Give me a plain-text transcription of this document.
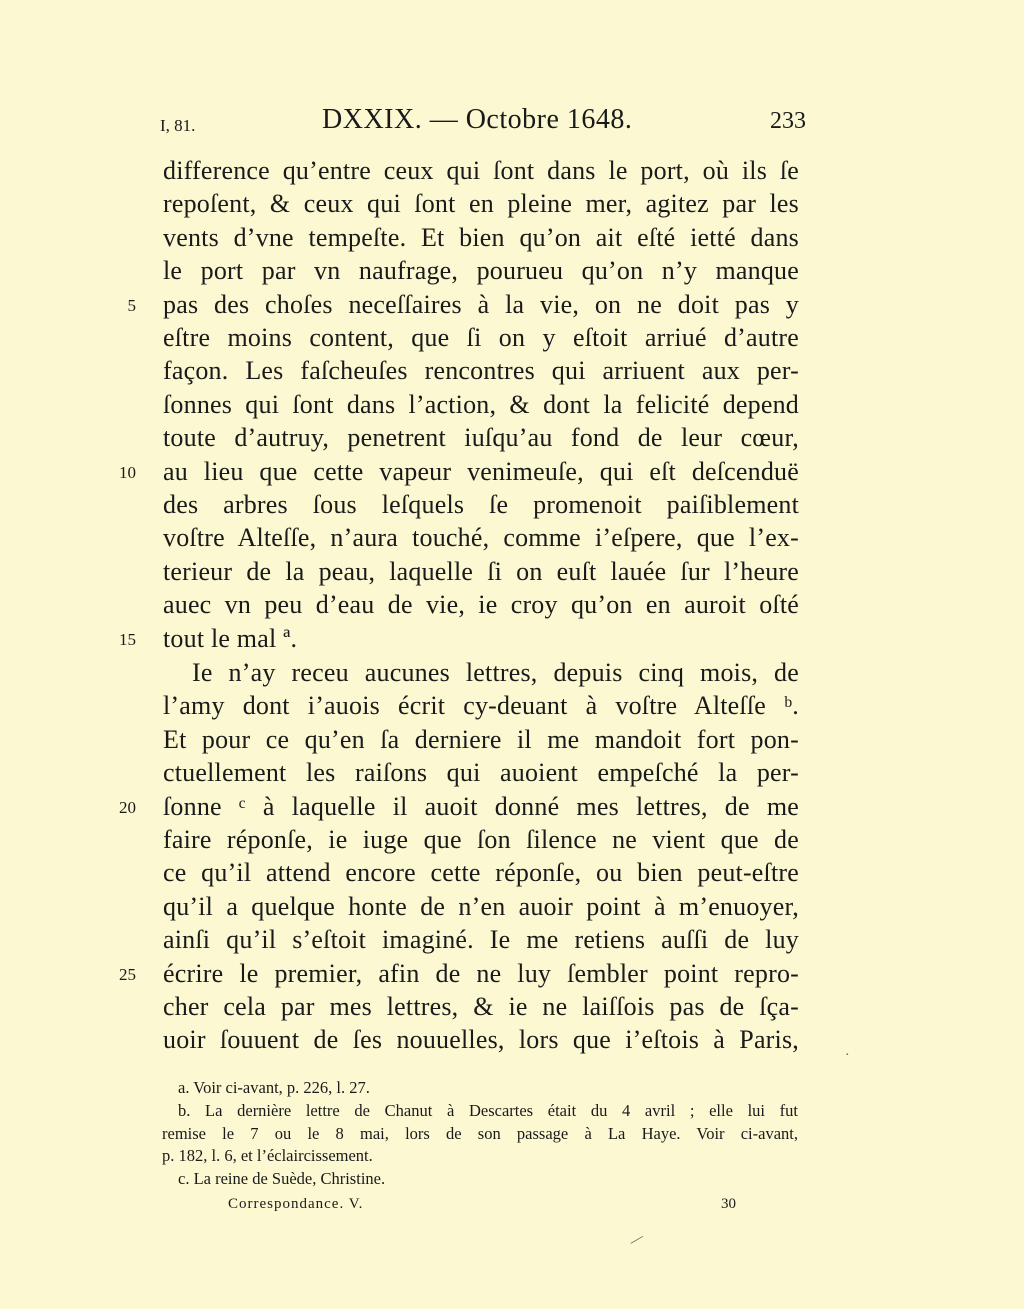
I, 81.	DXXIX. — Octobre 1648.	233
difference qu’entre ceux qui ſont dans le port, où ils ſe
repoſent, & ceux qui ſont en pleine mer, agitez par les
vents d’vne tempeſte. Et bien qu’on ait eſté ietté dans
le port par vn naufrage, pourueu qu’on n’y manque
pas des choſes neceſſaires à la vie, on ne doit pas y
eſtre moins content, que ſi on y eſtoit arriué d’autre
façon. Les faſcheuſes rencontres qui arriuent aux per-
ſonnes qui ſont dans l’action, & dont la felicité depend
toute d’autruy, penetrent iuſqu’au fond de leur cœur,
au lieu que cette vapeur venimeuſe, qui eſt deſcenduë
des arbres ſous leſquels ſe promenoit paiſiblement
voſtre Alteſſe, n’aura touché, comme i’eſpere, que l’ex-
terieur de la peau, laquelle ſi on euſt lauée ſur l’heure
auec vn peu d’eau de vie, ie croy qu’on en auroit oſté
tout le mal ª.
Ie n’ay receu aucunes lettres, depuis cinq mois, de
l’amy dont i’auois écrit cy-deuant à voſtre Alteſſe ᵇ.
Et pour ce qu’en ſa derniere il me mandoit fort pon-
ctuellement les raiſons qui auoient empeſché la per-
ſonne ᶜ à laquelle il auoit donné mes lettres, de me
faire réponſe, ie iuge que ſon ſilence ne vient que de
ce qu’il attend encore cette réponſe, ou bien peut-eſtre
qu’il a quelque honte de n’en auoir point à m’enuoyer,
ainſi qu’il s’eſtoit imaginé. Ie me retiens auſſi de luy
écrire le premier, afin de ne luy ſembler point repro-
cher cela par mes lettres, & ie ne laiſſois pas de ſça-
uoir ſouuent de ſes nouuelles, lors que i’eſtois à Paris,
5
10
15
20
25
a. Voir ci-avant, p. 226, l. 27.
b. La dernière lettre de Chanut à Descartes était du 4 avril ; elle lui fut
remise le 7 ou le 8 mai, lors de son passage à La Haye. Voir ci-avant,
p. 182, l. 6, et l’éclaircissement.
c. La reine de Suède, Christine.
Correspondance. V.	30
·
—
